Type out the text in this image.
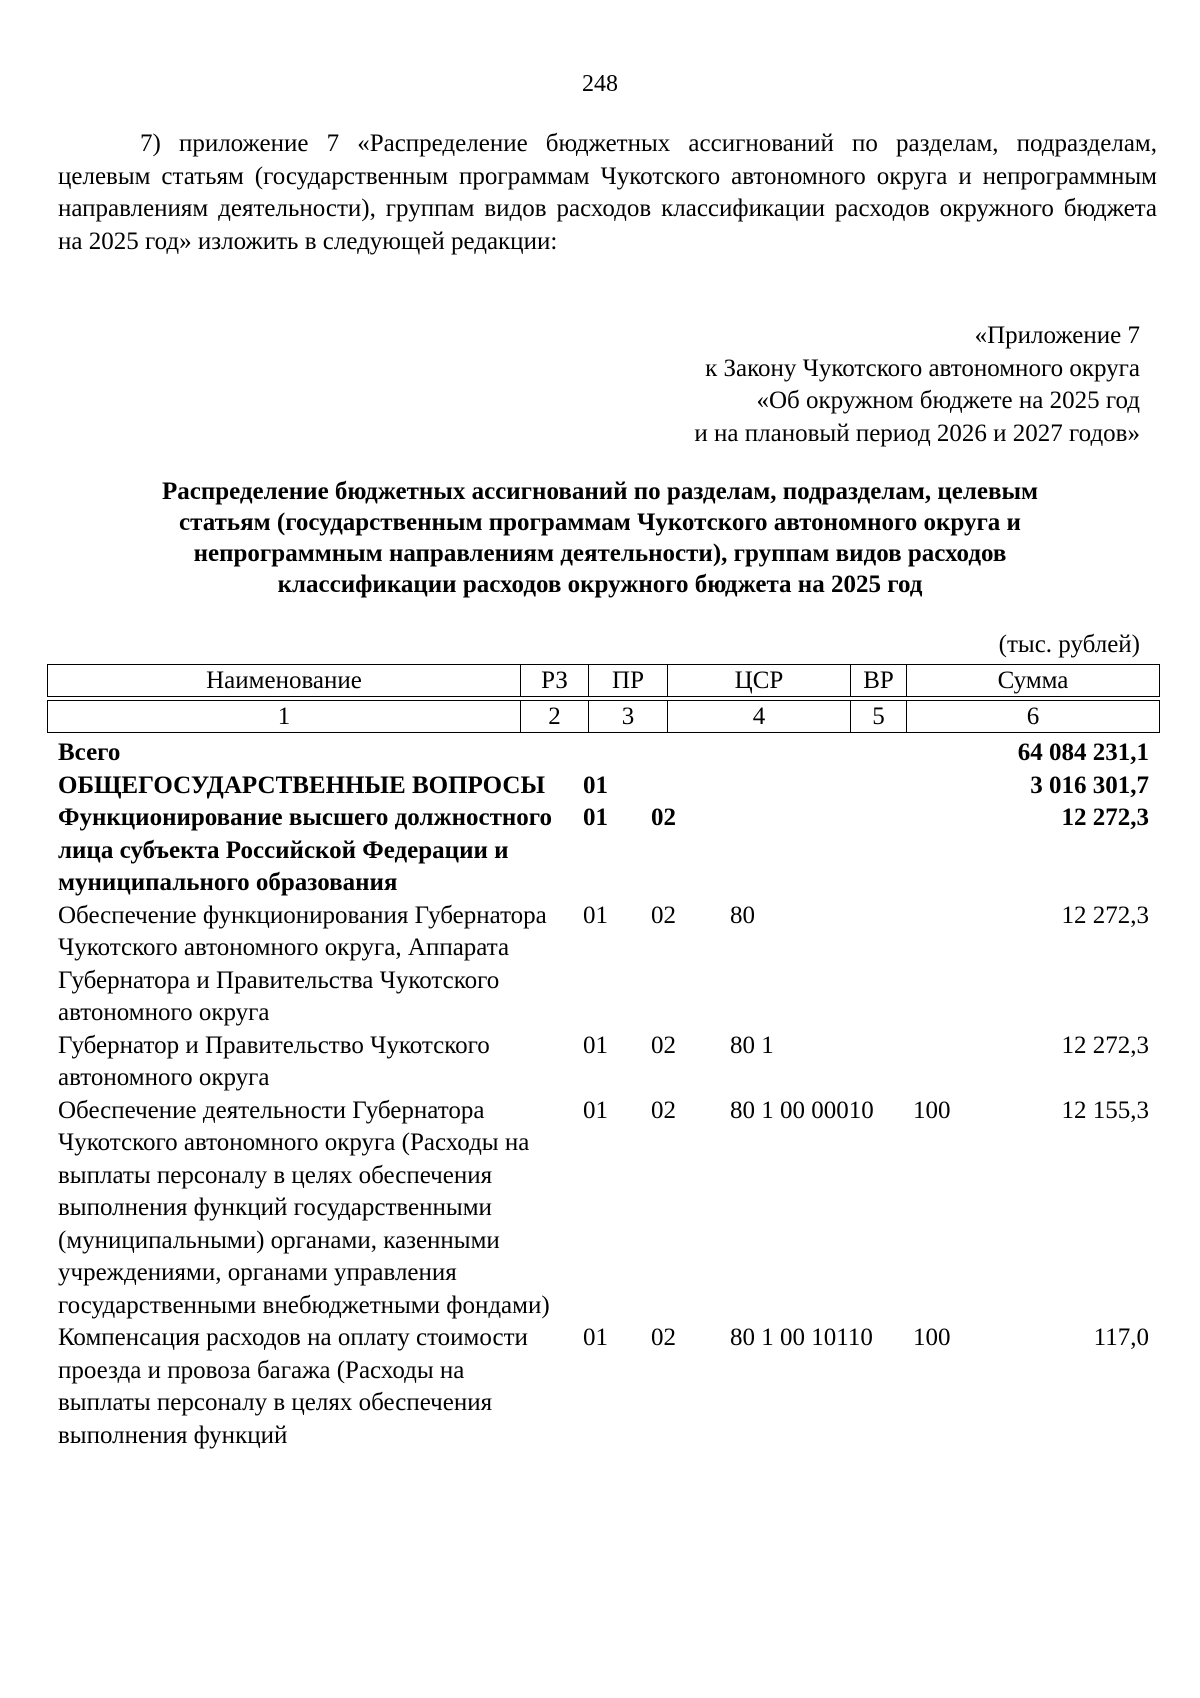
248

7) приложение 7 «Распределение бюджетных ассигнований по разделам, подразделам, целевым статьям (государственным программам Чукотского автономного округа и непрограммным направлениям деятельности), группам видов расходов классификации расходов окружного бюджета на 2025 год» изложить в следующей редакции:

«Приложение 7
к Закону Чукотского автономного округа
«Об окружном бюджете на 2025 год
и на плановый период 2026 и 2027 годов»
Распределение бюджетных ассигнований по разделам, подразделам, целевым
статьям (государственным программам Чукотского автономного округа и
непрограммным направлениям деятельности), группам видов расходов
классификации расходов окружного бюджета на 2025 год
(тыс. рублей)
Наименование	РЗ	ПР	ЦСР	ВР	Сумма

1	2	3	4	5	6
Всего					64 084 231,1
ОБЩЕГОСУДАРСТВЕННЫЕ ВОПРОСЫ	01				3 016 301,7
Функционирование высшего должностного лица субъекта Российской Федерации и муниципального образования	01	02			12 272,3
Обеспечение функционирования Губернатора Чукотского автономного округа, Аппарата Губернатора и Правительства Чукотского автономного округа	01	02	80		12 272,3
Губернатор и Правительство Чукотского автономного округа	01	02	80 1		12 272,3
Обеспечение деятельности Губернатора Чукотского автономного округа (Расходы на выплаты персоналу в целях обеспечения выполнения функций государственными (муниципальными) органами, казенными учреждениями, органами управления государственными внебюджетными фондами)	01	02	80 1 00 00010	100	12 155,3
Компенсация расходов на оплату стоимости проезда и провоза багажа (Расходы на выплаты персоналу в целях обеспечения выполнения функций	01	02	80 1 00 10110	100	117,0
